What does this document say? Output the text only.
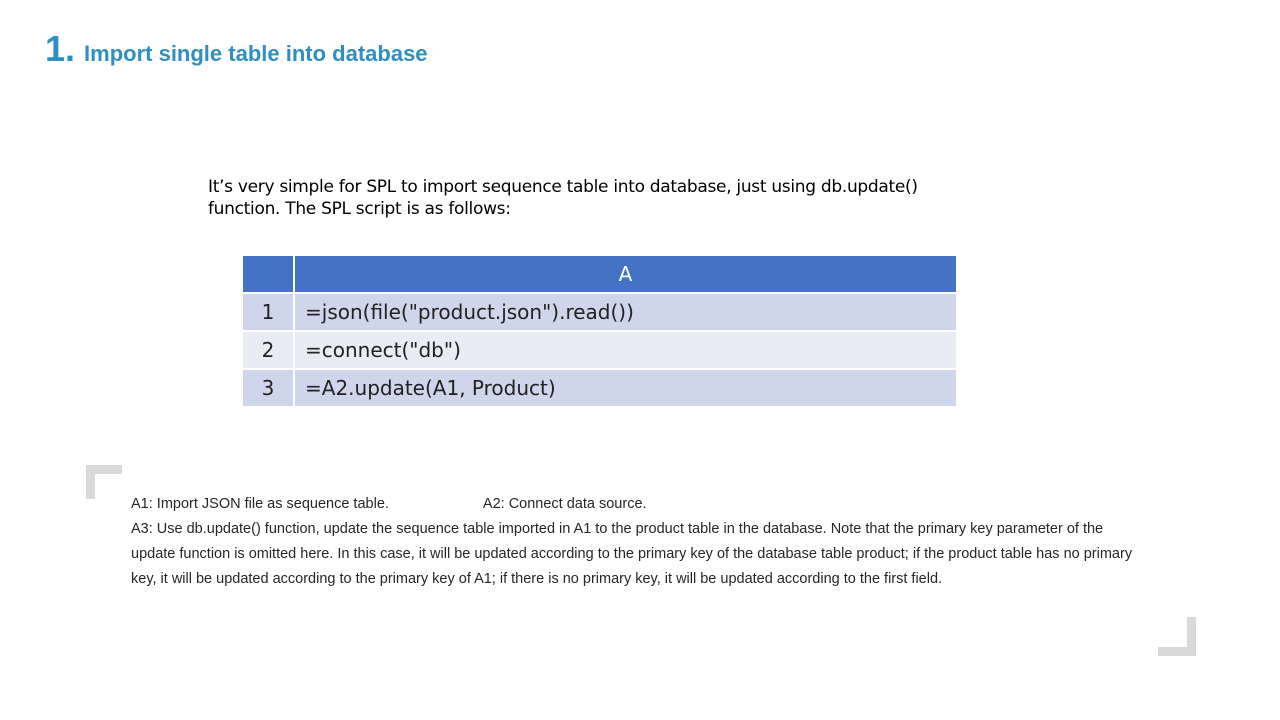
1. Import single table into database

It’s very simple for SPL to import sequence table into database, just using db.update()

function. The SPL script is as follows:

	A
1	=json(file("product.json").read())
2	=connect("db")
3	=A2.update(A1, Product)

A1: Import JSON file as sequence table.	A2: Connect data source.

A3: Use db.update() function, update the sequence table imported in A1 to the product table in the database. Note that the primary key parameter of the update function is omitted here. In this case, it will be updated according to the primary key of the database table product; if the product table has no primary key, it will be updated according to the primary key of A1; if there is no primary key, it will be updated according to the first field.
